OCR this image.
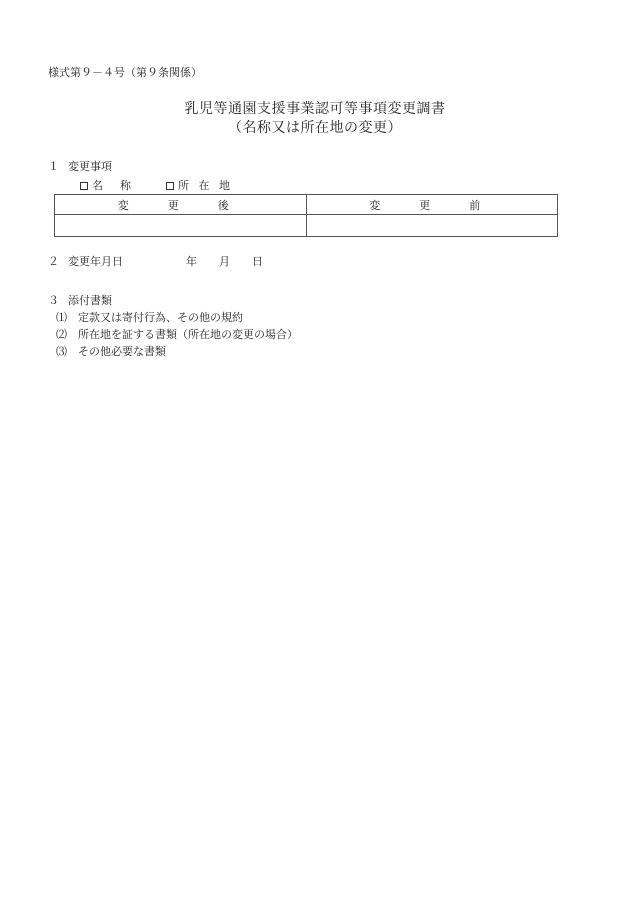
様式第９－４号（第９条関係）
乳児等通園支援事業認可等事項変更調書
（名称又は所在地の変更）
１ 変更事項
名　称	所 在 地
変　更　後	変　更　前

２ 変更年月日	年 月 日
３ 添付書類
⑴ 定款又は寄付行為、その他の規約
⑵ 所在地を証する書類（所在地の変更の場合）
⑶ その他必要な書類
